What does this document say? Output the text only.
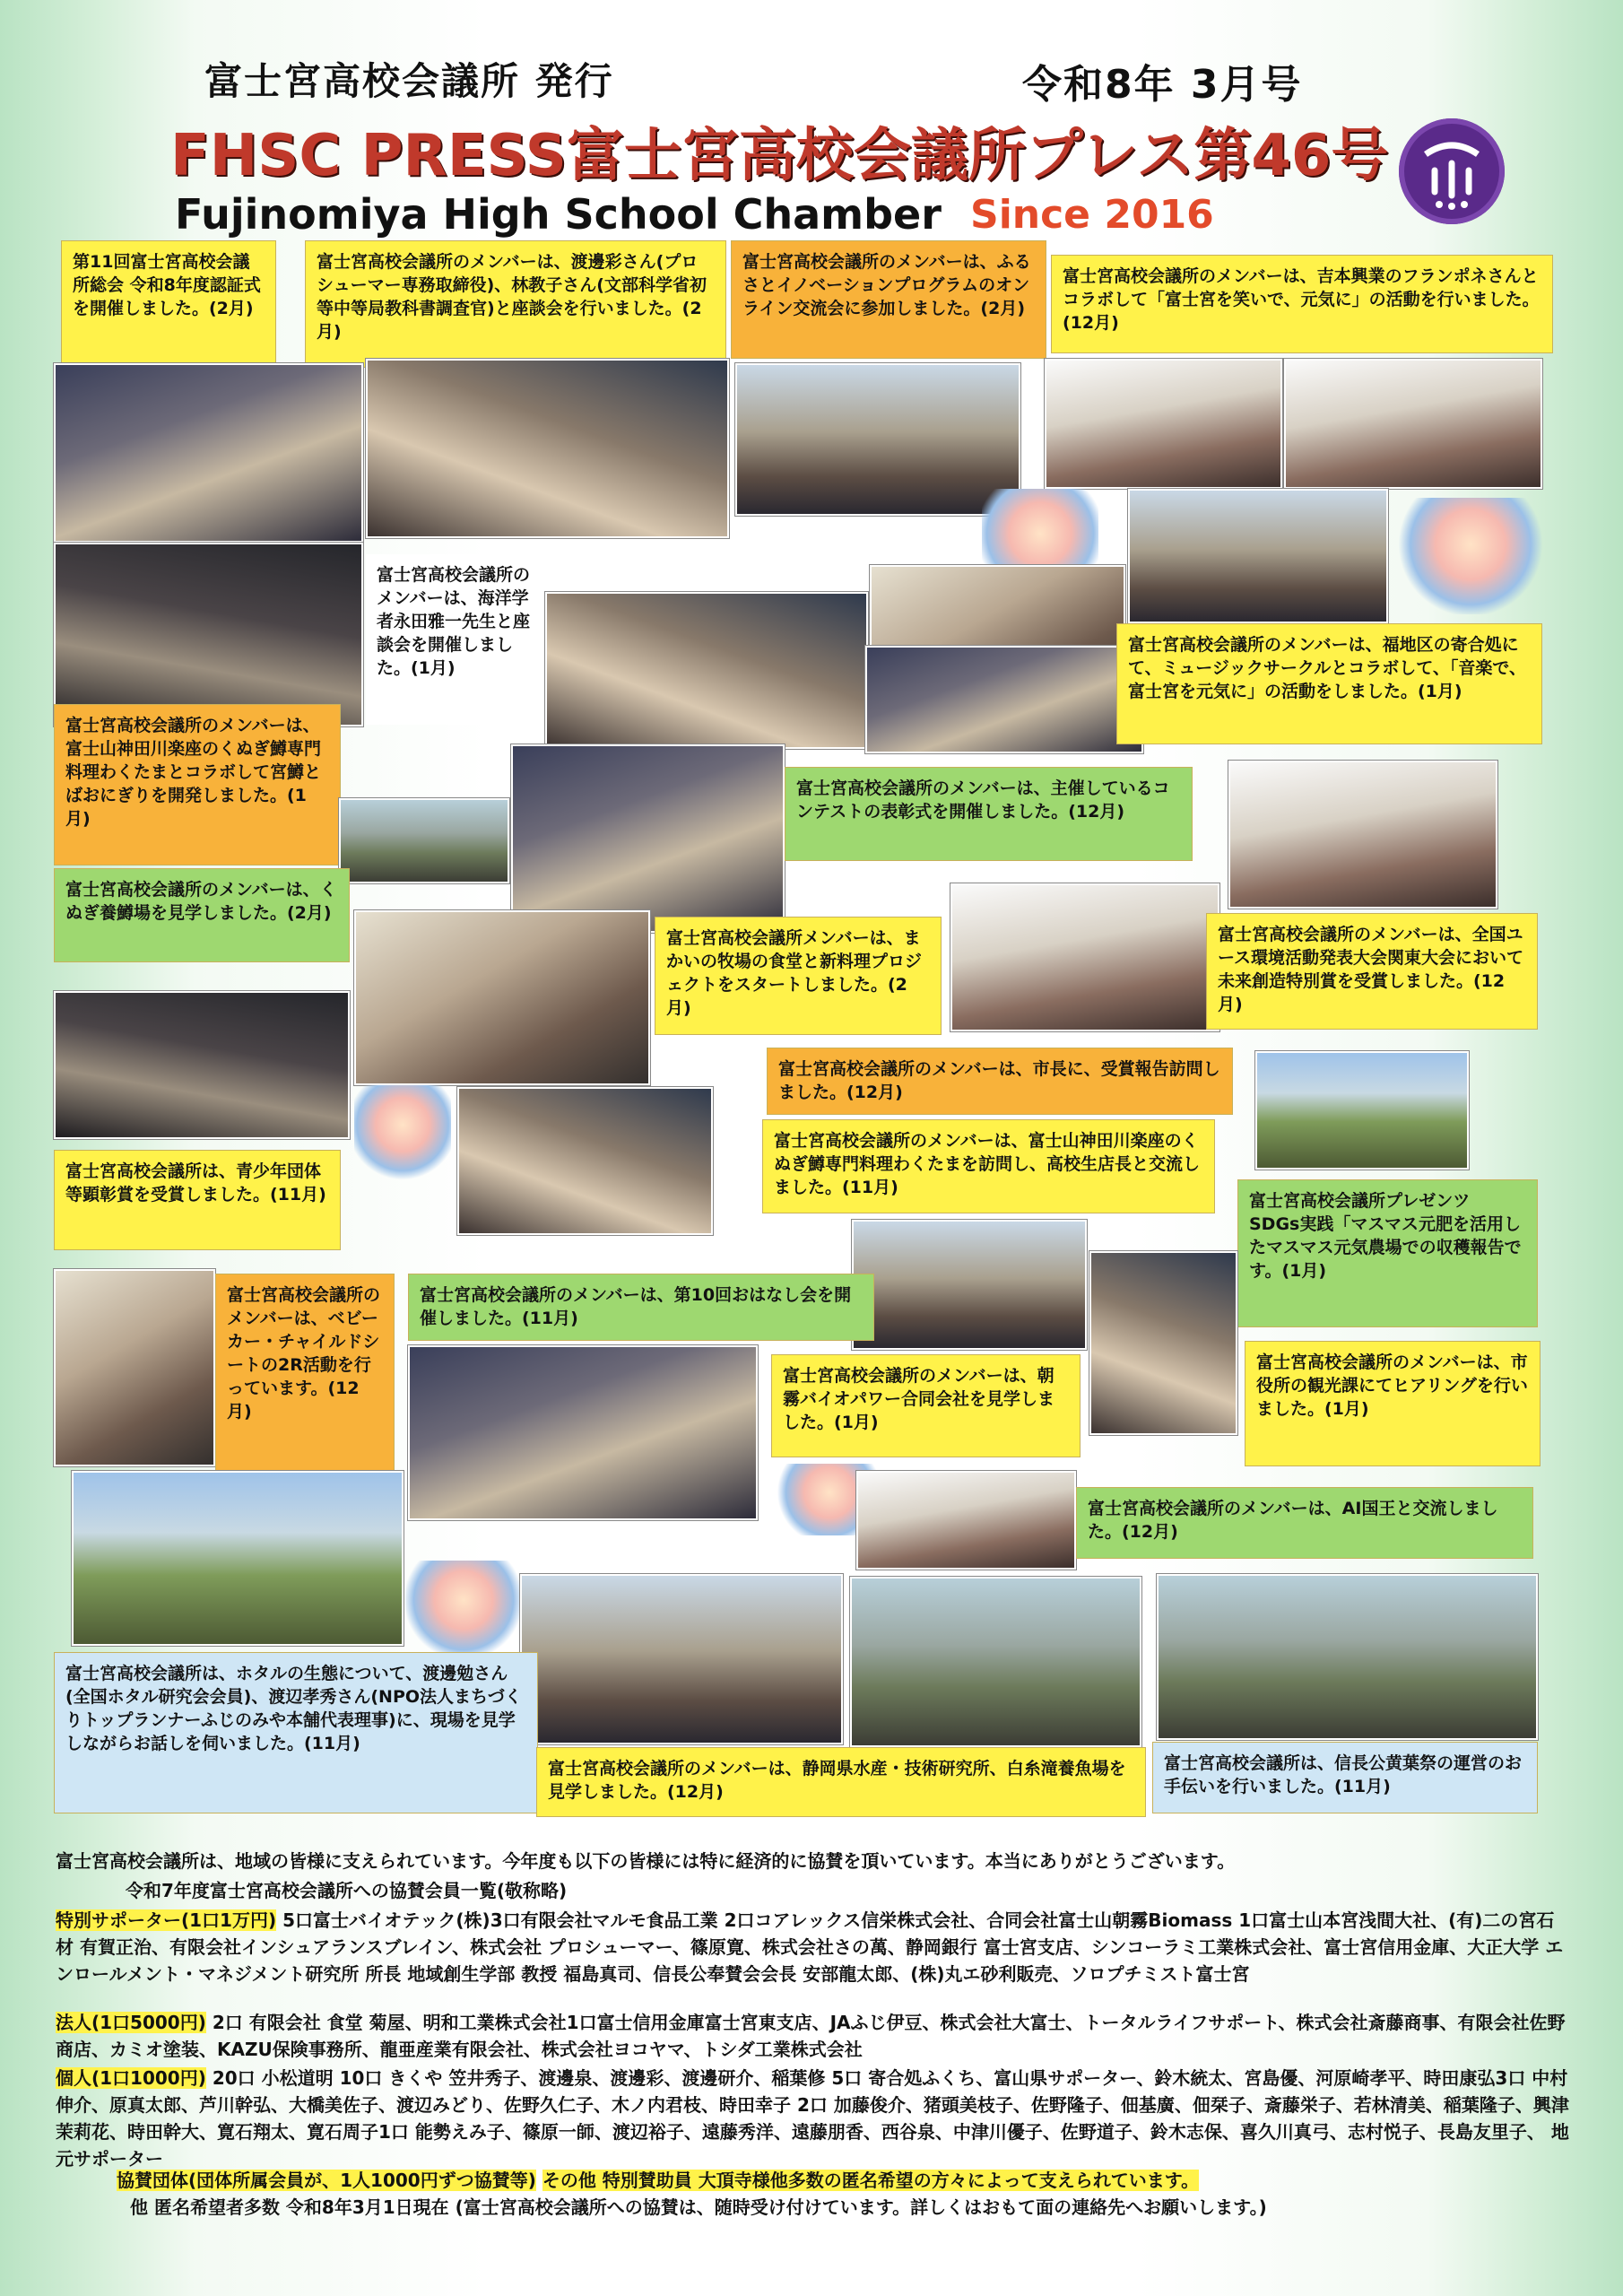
富士宮高校会議所 発行	令和8年 3月号
FHSC PRESS富士宮高校会議所プレス第46号
Fujinomiya High School Chamber Since 2016
第11回富士宮高校会議所総会 令和8年度認証式を開催しました。(2月)
富士宮高校会議所のメンバーは、渡邊彩さん(プロシューマー専務取締役)、林教子さん(文部科学省初等中等局教科書調査官)と座談会を行いました。(2月)
富士宮高校会議所のメンバーは、ふるさとイノベーションプログラムのオンライン交流会に参加しました。(2月)
富士宮高校会議所のメンバーは、吉本興業のフランポネさんとコラボして「富士宮を笑いで、元気に」の活動を行いました。(12月)
富士宮高校会議所のメンバーは、海洋学者永田雅一先生と座談会を開催しました。(1月)
富士宮高校会議所のメンバーは、福地区の寄合処にて、ミュージックサークルとコラボして、「音楽で、富士宮を元気に」の活動をしました。(1月)
富士宮高校会議所のメンバーは、富士山神田川楽座のくぬぎ鱒専門料理わくたまとコラボして宮鱒とばおにぎりを開発しました。(1月)
富士宮高校会議所のメンバーは、主催しているコンテストの表彰式を開催しました。(12月)
富士宮高校会議所のメンバーは、くぬぎ養鱒場を見学しました。(2月)
富士宮高校会議所メンバーは、まかいの牧場の食堂と新料理プロジェクトをスタートしました。(2月)
富士宮高校会議所のメンバーは、全国ユース環境活動発表大会関東大会において未来創造特別賞を受賞しました。(12月)
富士宮高校会議所のメンバーは、市長に、受賞報告訪問しました。(12月)
富士宮高校会議所のメンバーは、富士山神田川楽座のくぬぎ鱒専門料理わくたまを訪問し、高校生店長と交流しました。(11月)
富士宮高校会議所は、青少年団体等顕彰賞を受賞しました。(11月)	富士宮高校会議所プレゼンツ SDGs実践「マスマス元肥を活用したマスマス元気農場での収穫報告です。(1月)
富士宮高校会議所のメンバーは、ベビーカー・チャイルドシートの2R活動を行っています。(12月)
富士宮高校会議所のメンバーは、第10回おはなし会を開催しました。(11月)
富士宮高校会議所のメンバーは、朝霧バイオパワー合同会社を見学しました。(1月)
富士宮高校会議所のメンバーは、市役所の観光課にてヒアリングを行いました。(1月)
富士宮高校会議所のメンバーは、AI国王と交流しました。(12月)
富士宮高校会議所は、ホタルの生態について、渡邊勉さん(全国ホタル研究会会員)、渡辺孝秀さん(NPO法人まちづくりトップランナーふじのみや本舗代表理事)に、現場を見学しながらお話しを伺いました。(11月)
富士宮高校会議所のメンバーは、静岡県水産・技術研究所、白糸滝養魚場を見学しました。(12月)
富士宮高校会議所は、信長公黄葉祭の運営のお手伝いを行いました。(11月)
富士宮高校会議所は、地域の皆様に支えられています。今年度も以下の皆様には特に経済的に協賛を頂いています。本当にありがとうございます。
令和7年度富士宮高校会議所への協賛会員一覧(敬称略)
特別サポーター(1口1万円) 5口富士バイオテック(株)3口有限会社マルモ食品工業 2口コアレックス信栄株式会社、合同会社富士山朝霧Biomass 1口富士山本宮浅間大社、(有)二の宮石材 有賀正治、有限会社インシュアランスブレイン、株式会社 プロシューマー、篠原寛、株式会社さの萬、静岡銀行 富士宮支店、シンコーラミ工業株式会社、富士宮信用金庫、大正大学 エンロールメント・マネジメント研究所 所長 地域創生学部 教授 福島真司、信長公奉賛会会長 安部龍太郎、(株)丸エ砂利販売、ソロプチミスト富士宮
法人(1口5000円) 2口 有限会社 食堂 菊屋、明和工業株式会社1口富士信用金庫富士宮東支店、JAふじ伊豆、株式会社大富士、トータルライフサポート、株式会社斎藤商事、有限会社佐野商店、カミオ塗装、KAZU保険事務所、龍亜産業有限会社、株式会社ヨコヤマ、トシダ工業株式会社
個人(1口1000円) 20口 小松道明 10口 きくや 笠井秀子、渡邊泉、渡邊彩、渡邊研介、稲葉修 5口 寄合処ふくち、富山県サポーター、鈴木統太、宮島優、河原崎孝平、時田康弘3口 中村伸介、原真太郎、芦川幹弘、大橋美佐子、渡辺みどり、佐野久仁子、木ノ内君枝、時田幸子 2口 加藤俊介、猪頭美枝子、佐野隆子、佃基廣、佃栞子、斎藤栄子、若林清美、稲葉隆子、興津茉莉花、時田幹大、寛石翔太、寛石周子1口 能勢えみ子、篠原一師、渡辺裕子、遠藤秀洋、遠藤朋香、西谷泉、中津川優子、佐野道子、鈴木志保、喜久川真弓、志村悦子、長島友里子、 地元サポーター
協賛団体(団体所属会員が、1人1000円ずつ協賛等) その他 特別賛助員 大頂寺様他多数の匿名希望の方々によって支えられています。
他 匿名希望者多数 令和8年3月1日現在 (富士宮高校会議所への協賛は、随時受け付けています。詳しくはおもて面の連絡先へお願いします。)
